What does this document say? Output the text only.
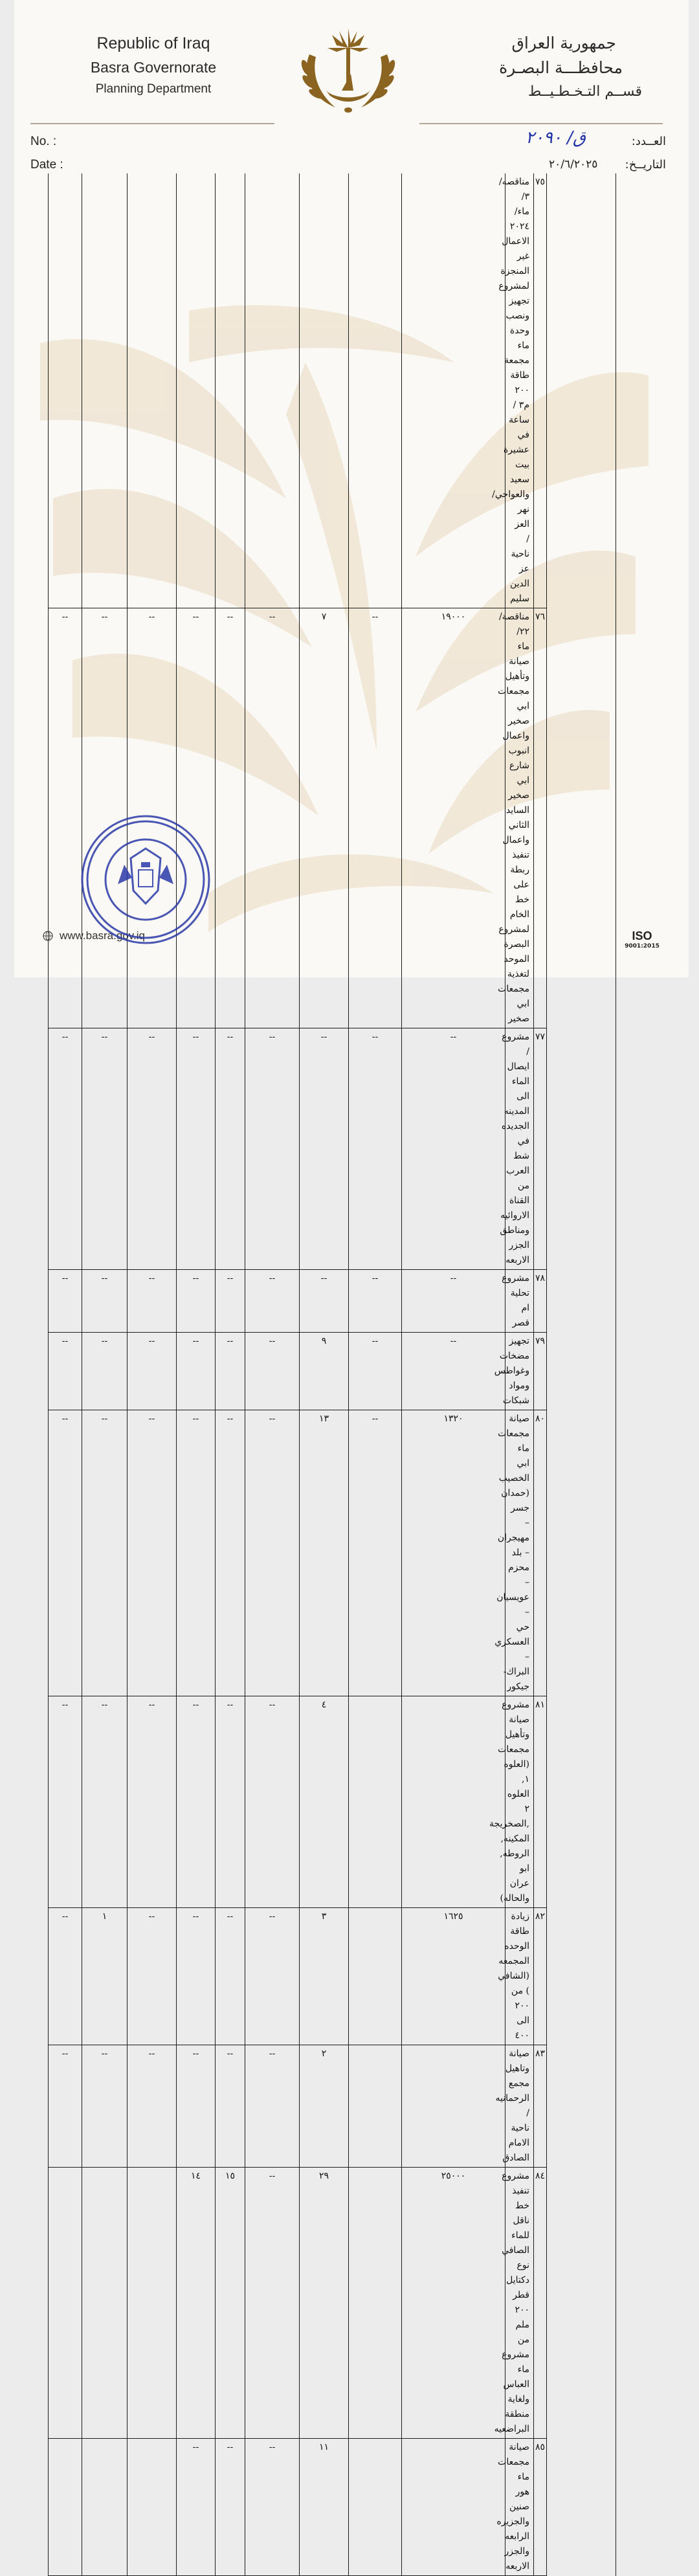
Republic of Iraq
Basra Governorate
Planning Department
جمهورية العراق
محافظـــة البصـرة
قســم التـخـطـيــط
No. :
Date :
العــدد:
التاريــخ:
ق/ ٢٠٩٠
٢٠/٦/٢٠٢٥
									مناقصه/٣/ماء/٢٠٢٤ الاعمال غير المنجزة لمشروع تجهيز ونصب وحدة ماء مجمعة طاقة ٢٠٠ م٣ /ساعة في عشيرة بيت سعيد والعواجي/نهر العز /ناحية عز الدين سليم	٧٥	
--	--	--	--	--	--	٧	--	١٩٠٠٠	مناقصة/٢٢/ماء صيانة وتأهيل مجمعات ابي صخير واعمال انبوب شارع ابي صخير السايد الثاني واعمال تنفيذ ربطة على خط الخام لمشروع البصرة الموحد لتغذية مجمعات ابي صخير	٧٦	
--	--	--	--	--	--	--	--	--	مشروع / ايصال الماء الى المدينه الجديده في شط العرب من القناة الاروائيه ومناطق الجزر الاربعه	٧٧	
--	--	--	--	--	--	--	--	--	مشروع تحلية ام قصر	٧٨	
--	--	--	--	--	--	٩	--	--	تجهيز مضخات وغواطس ومواد شبكات	٧٩	
--	--	--	--	--	--	١٣	--	١٣٢٠	صيانة مجمعات ماء ابي الخصيب (حمدان جسر – مهيجران – بلد محزم –عويسيان – حي العسكري –البراك- جيكور	٨٠	
--	--	--	--	--	--	٤			مشروع صيانة وتأهيل مجمعات (العلوه ١, العلوه ٢ ,الصخريجة المكينه, الروطه, ابو عران والحاله)	٨١	
--	١	--	--	--	--	٣		١٦٢٥	زيادة طاقة الوحده المجمعه (الشافي ) من ٢٠٠ الى ٤٠٠	٨٢	
--	--	--	--	--	--	٢			صيانة وتاهيل مجمع الرحمانيه /ناحية الامام الصادق	٨٣	
			١٤	١٥	--	٢٩		٢٥٠٠٠	مشروع تنفيذ خط ناقل للماء الصافي نوع دكتايل قطر ٢٠٠ ملم من مشروع ماء العباس ولغاية منطقة البراضعيه	٨٤	
			--	--	--	١١			صيانة مجمعات ماء هور صنين والجزيره الرابعه والجزر الاربعه	٨٥	
www.basra.gov.iq	ISO
9001:2015
